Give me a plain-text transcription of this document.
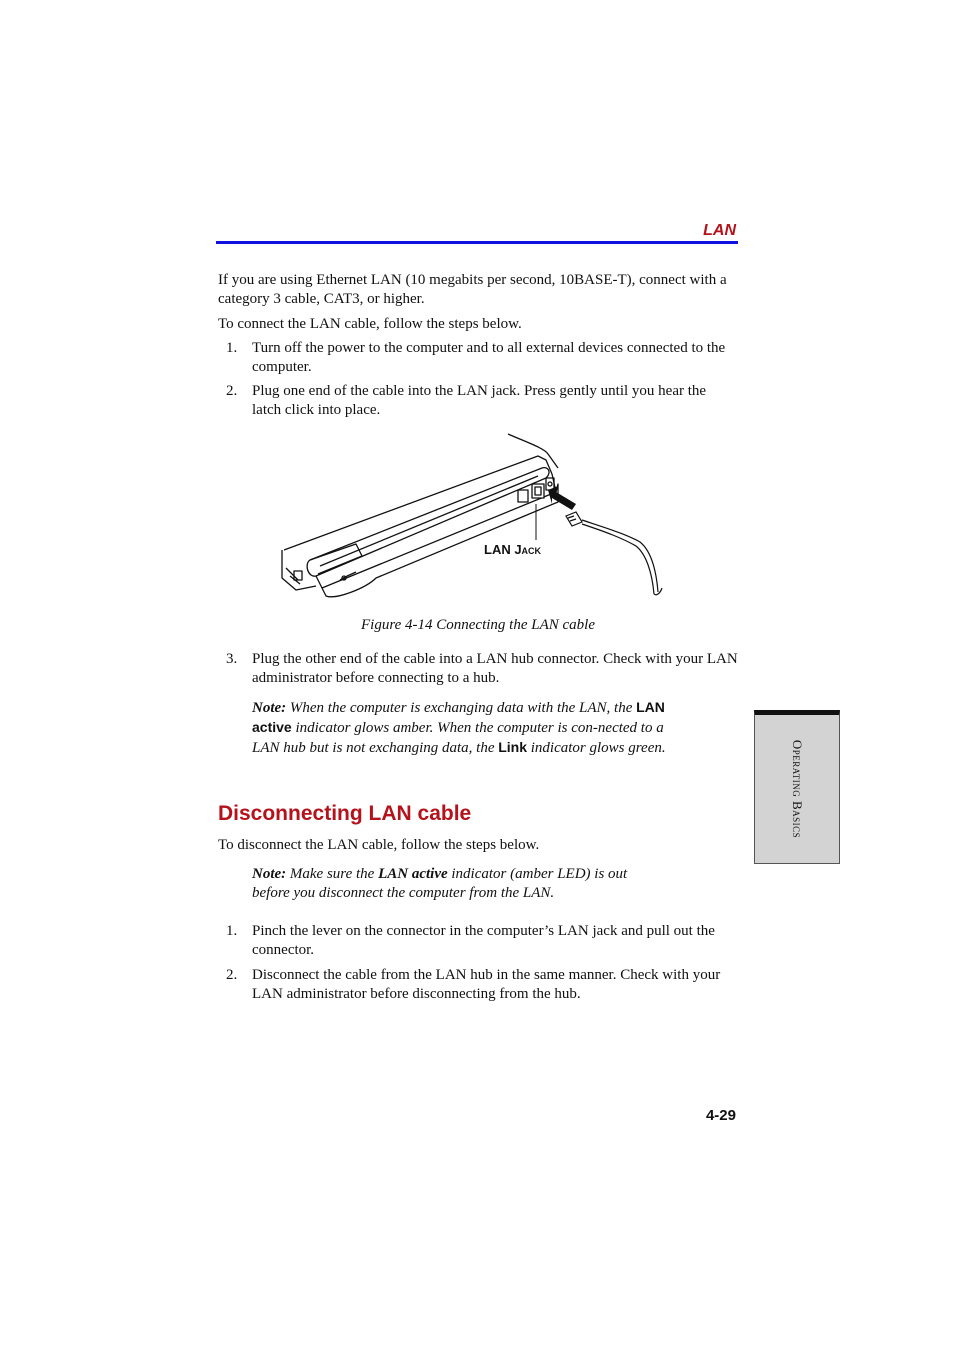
LAN
If you are using Ethernet LAN (10 megabits per second, 10BASE-T), connect with a category 3 cable, CAT3, or higher.
To connect the LAN cable, follow the steps below.
1. Turn off the power to the computer and to all external devices connected to the computer.
2. Plug one end of the cable into the LAN jack. Press gently until you hear the latch click into place.
LAN Jack
Figure 4-14 Connecting the LAN cable
3. Plug the other end of the cable into a LAN hub connector. Check with your LAN administrator before connecting to a hub.
Note: When the computer is exchanging data with the LAN, the LAN active indicator glows amber. When the computer is con-nected to a LAN hub but is not exchanging data, the Link indicator glows green.
Disconnecting LAN cable
To disconnect the LAN cable, follow the steps below.
Note: Make sure the LAN active indicator (amber LED) is out before you disconnect the computer from the LAN.
1. Pinch the lever on the connector in the computer’s LAN jack and pull out the connector.
2. Disconnect the cable from the LAN hub in the same manner. Check with your LAN administrator before disconnecting from the hub.
Operating Basics
4-29
